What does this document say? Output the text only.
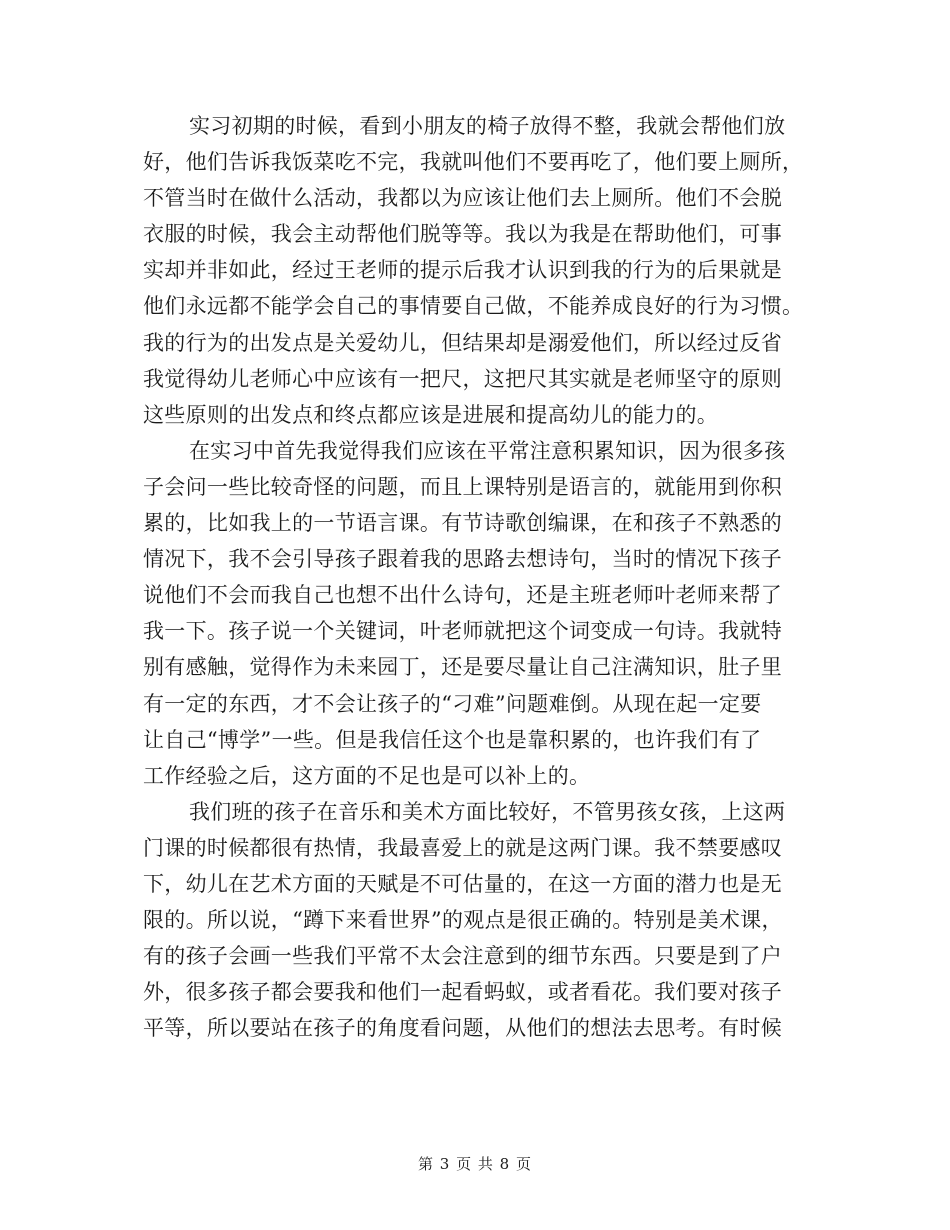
实习初期的时候，看到小朋友的椅子放得不整，我就会帮他们放
好，他们告诉我饭菜吃不完，我就叫他们不要再吃了，他们要上厕所，
不管当时在做什么活动，我都以为应该让他们去上厕所。他们不会脱
衣服的时候，我会主动帮他们脱等等。我以为我是在帮助他们，可事
实却并非如此，经过王老师的提示后我才认识到我的行为的后果就是
他们永远都不能学会自己的事情要自己做，不能养成良好的行为习惯。
我的行为的出发点是关爱幼儿，但结果却是溺爱他们，所以经过反省
我觉得幼儿老师心中应该有一把尺，这把尺其实就是老师坚守的原则
这些原则的出发点和终点都应该是进展和提高幼儿的能力的。
在实习中首先我觉得我们应该在平常注意积累知识，因为很多孩
子会问一些比较奇怪的问题，而且上课特别是语言的，就能用到你积
累的，比如我上的一节语言课。有节诗歌创编课，在和孩子不熟悉的
情况下，我不会引导孩子跟着我的思路去想诗句，当时的情况下孩子
说他们不会而我自己也想不出什么诗句，还是主班老师叶老师来帮了
我一下。孩子说一个关键词，叶老师就把这个词变成一句诗。我就特
别有感触，觉得作为未来园丁，还是要尽量让自己注满知识，肚子里
有一定的东西，才不会让孩子的“刁难”问题难倒。从现在起一定要
让自己“博学”一些。但是我信任这个也是靠积累的，也许我们有了
工作经验之后，这方面的不足也是可以补上的。
我们班的孩子在音乐和美术方面比较好，不管男孩女孩，上这两
门课的时候都很有热情，我最喜爱上的就是这两门课。我不禁要感叹
下，幼儿在艺术方面的天赋是不可估量的，在这一方面的潜力也是无
限的。所以说，“蹲下来看世界”的观点是很正确的。特别是美术课，
有的孩子会画一些我们平常不太会注意到的细节东西。只要是到了户
外，很多孩子都会要我和他们一起看蚂蚁，或者看花。我们要对孩子
平等，所以要站在孩子的角度看问题，从他们的想法去思考。有时候
第 3 页 共 8 页
